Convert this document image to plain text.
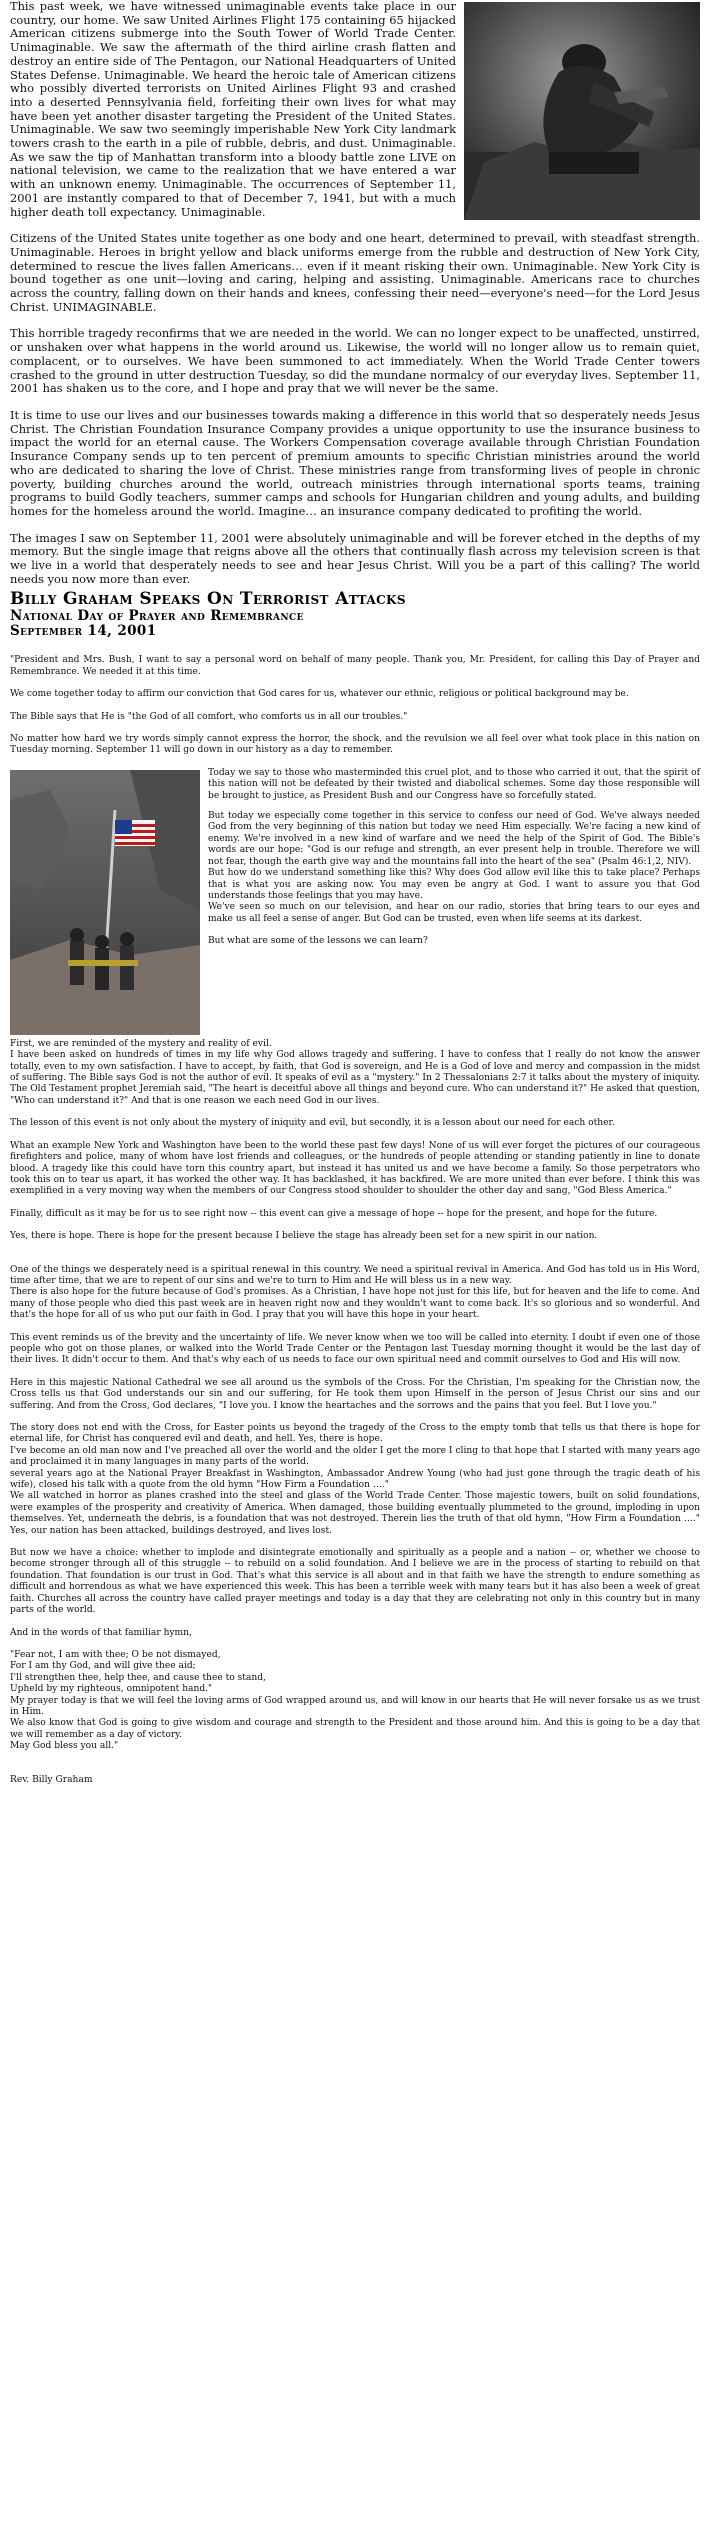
This past week, we have witnessed unimaginable events take place in our country, our home. We saw United Airlines Flight 175 containing 65 hijacked American citizens submerge into the South Tower of World Trade Center. Unimaginable. We saw the aftermath of the third airline crash flatten and destroy an entire side of The Pentagon, our National Headquarters of United States Defense. Unimaginable. We heard the heroic tale of American citizens who possibly diverted terrorists on United Airlines Flight 93 and crashed into a deserted Pennsylvania field, forfeiting their own lives for what may have been yet another disaster targeting the President of the United States. Unimaginable. We saw two seemingly imperishable New York City landmark towers crash to the earth in a pile of rubble, debris, and dust. Unimaginable. As we saw the tip of Manhattan transform into a bloody battle zone LIVE on national television, we came to the realization that we have entered a war with an unknown enemy. Unimaginable. The occurrences of September 11, 2001 are instantly compared to that of December 7, 1941, but with a much higher death toll expectancy. Unimaginable.

Citizens of the United States unite together as one body and one heart, determined to prevail, with steadfast strength. Unimaginable. Heroes in bright yellow and black uniforms emerge from the rubble and destruction of New York City, determined to rescue the lives fallen Americans… even if it meant risking their own. Unimaginable. New York City is bound together as one unit—loving and caring, helping and assisting. Unimaginable. Americans race to churches across the country, falling down on their hands and knees, confessing their need—everyone's need—for the Lord Jesus Christ. UNIMAGINABLE.

This horrible tragedy reconfirms that we are needed in the world. We can no longer expect to be unaffected, unstirred, or unshaken over what happens in the world around us. Likewise, the world will no longer allow us to remain quiet, complacent, or to ourselves. We have been summoned to act immediately. When the World Trade Center towers crashed to the ground in utter destruction Tuesday, so did the mundane normalcy of our everyday lives. September 11, 2001 has shaken us to the core, and I hope and pray that we will never be the same.

It is time to use our lives and our businesses towards making a difference in this world that so desperately needs Jesus Christ. The Christian Foundation Insurance Company provides a unique opportunity to use the insurance business to impact the world for an eternal cause. The Workers Compensation coverage available through Christian Foundation Insurance Company sends up to ten percent of premium amounts to specific Christian ministries around the world who are dedicated to sharing the love of Christ. These ministries range from transforming lives of people in chronic poverty, building churches around the world, outreach ministries through international sports teams, training programs to build Godly teachers, summer camps and schools for Hungarian children and young adults, and building homes for the homeless around the world. Imagine… an insurance company dedicated to profiting the world.

The images I saw on September 11, 2001 were absolutely unimaginable and will be forever etched in the depths of my memory. But the single image that reigns above all the others that continually flash across my television screen is that we live in a world that desperately needs to see and hear Jesus Christ. Will you be a part of this calling? The world needs you now more than ever.

Billy Graham Speaks On Terrorist Attacks
National Day of Prayer and Remembrance
September 14, 2001

"President and Mrs. Bush, I want to say a personal word on behalf of many people. Thank you, Mr. President, for calling this Day of Prayer and Remembrance. We needed it at this time.

We come together today to affirm our conviction that God cares for us, whatever our ethnic, religious or political background may be.

The Bible says that He is "the God of all comfort, who comforts us in all our troubles."

No matter how hard we try words simply cannot express the horror, the shock, and the revulsion we all feel over what took place in this nation on Tuesday morning. September 11 will go down in our history as a day to remember.

Today we say to those who masterminded this cruel plot, and to those who carried it out, that the spirit of this nation will not be defeated by their twisted and diabolical schemes. Some day those responsible will be brought to justice, as President Bush and our Congress have so forcefully stated.

But today we especially come together in this service to confess our need of God. We've always needed God from the very beginning of this nation but today we need Him especially. We're facing a new kind of enemy. We're involved in a new kind of warfare and we need the help of the Spirit of God. The Bible's words are our hope: "God is our refuge and strength, an ever present help in trouble. Therefore we will not fear, though the earth give way and the mountains fall into the heart of the sea" (Psalm 46:1,2, NIV).

But how do we understand something like this? Why does God allow evil like this to take place? Perhaps that is what you are asking now. You may even be angry at God. I want to assure you that God understands those feelings that you may have.

We've seen so much on our television, and hear on our radio, stories that bring tears to our eyes and make us all feel a sense of anger. But God can be trusted, even when life seems at its darkest.

But what are some of the lessons we can learn?

First, we are reminded of the mystery and reality of evil.

I have been asked on hundreds of times in my life why God allows tragedy and suffering. I have to confess that I really do not know the answer totally, even to my own satisfaction. I have to accept, by faith, that God is sovereign, and He is a God of love and mercy and compassion in the midst of suffering. The Bible says God is not the author of evil. It speaks of evil as a "mystery." In 2 Thessalonians 2:7 it talks about the mystery of iniquity. The Old Testament prophet Jeremiah said, "The heart is deceitful above all things and beyond cure. Who can understand it?" He asked that question, "Who can understand it?" And that is one reason we each need God in our lives.

The lesson of this event is not only about the mystery of iniquity and evil, but secondly, it is a lesson about our need for each other.

What an example New York and Washington have been to the world these past few days! None of us will ever forget the pictures of our courageous firefighters and police, many of whom have lost friends and colleagues, or the hundreds of people attending or standing patiently in line to donate blood. A tragedy like this could have torn this country apart, but instead it has united us and we have become a family. So those perpetrators who took this on to tear us apart, it has worked the other way. It has backlashed, it has backfired. We are more united than ever before. I think this was exemplified in a very moving way when the members of our Congress stood shoulder to shoulder the other day and sang, "God Bless America."

Finally, difficult as it may be for us to see right now -- this event can give a message of hope -- hope for the present, and hope for the future.

Yes, there is hope. There is hope for the present because I believe the stage has already been set for a new spirit in our nation.

One of the things we desperately need is a spiritual renewal in this country. We need a spiritual revival in America. And God has told us in His Word, time after time, that we are to repent of our sins and we're to turn to Him and He will bless us in a new way.

There is also hope for the future because of God's promises. As a Christian, I have hope not just for this life, but for heaven and the life to come. And many of those people who died this past week are in heaven right now and they wouldn't want to come back. It's so glorious and so wonderful. And that's the hope for all of us who put our faith in God. I pray that you will have this hope in your heart.

This event reminds us of the brevity and the uncertainty of life. We never know when we too will be called into eternity. I doubt if even one of those people who got on those planes, or walked into the World Trade Center or the Pentagon last Tuesday morning thought it would be the last day of their lives. It didn't occur to them. And that's why each of us needs to face our own spiritual need and commit ourselves to God and His will now.

Here in this majestic National Cathedral we see all around us the symbols of the Cross. For the Christian, I'm speaking for the Christian now, the Cross tells us that God understands our sin and our suffering, for He took them upon Himself in the person of Jesus Christ our sins and our suffering. And from the Cross, God declares, "I love you. I know the heartaches and the sorrows and the pains that you feel. But I love you."

The story does not end with the Cross, for Easter points us beyond the tragedy of the Cross to the empty tomb that tells us that there is hope for eternal life, for Christ has conquered evil and death, and hell. Yes, there is hope.

I've become an old man now and I've preached all over the world and the older I get the more I cling to that hope that I started with many years ago and proclaimed it in many languages in many parts of the world.

several years ago at the National Prayer Breakfast in Washington, Ambassador Andrew Young (who had just gone through the tragic death of his wife), closed his talk with a quote from the old hymn "How Firm a Foundation …."

We all watched in horror as planes crashed into the steel and glass of the World Trade Center. Those majestic towers, built on solid foundations, were examples of the prosperity and creativity of America. When damaged, those building eventually plummeted to the ground, imploding in upon themselves. Yet, underneath the debris, is a foundation that was not destroyed. Therein lies the truth of that old hymn, "How Firm a Foundation …." Yes, our nation has been attacked, buildings destroyed, and lives lost.

But now we have a choice: whether to implode and disintegrate emotionally and spiritually as a people and a nation -- or, whether we choose to become stronger through all of this struggle -- to rebuild on a solid foundation. And I believe we are in the process of starting to rebuild on that foundation. That foundation is our trust in God. That's what this service is all about and in that faith we have the strength to endure something as difficult and horrendous as what we have experienced this week. This has been a terrible week with many tears but it has also been a week of great faith. Churches all across the country have called prayer meetings and today is a day that they are celebrating not only in this country but in many parts of the world.

And in the words of that familiar hymn,

"Fear not, I am with thee; O be not dismayed,

For I am thy God, and will give thee aid;

I'll strengthen thee, help thee, and cause thee to stand,

Upheld by my righteous, omnipotent hand."

My prayer today is that we will feel the loving arms of God wrapped around us, and will know in our hearts that He will never forsake us as we trust in Him.

We also know that God is going to give wisdom and courage and strength to the President and those around him. And this is going to be a day that we will remember as a day of victory.

May God bless you all."

Rev. Billy Graham
